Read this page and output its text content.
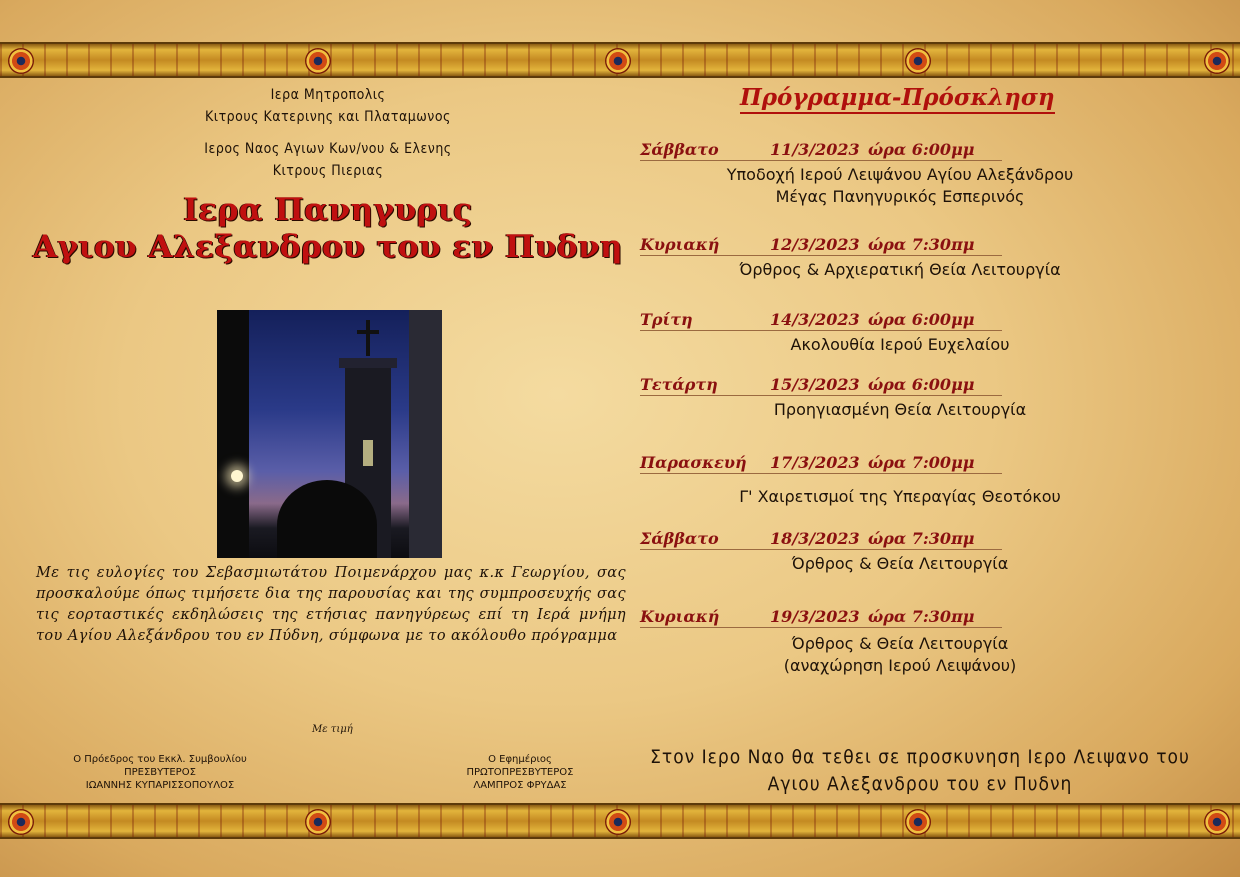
Ιερα Μητροπολις
Κιτρους Κατερινης και Πλαταμωνος
Ιερος Ναος Αγιων Κων/νου & Ελενης
Κιτρους Πιεριας
Ιερα Πανηγυρις
Αγιου Αλεξανδρου του εν Πυδνη
Με τις ευλογίες του Σεβασμιωτάτου Ποιμενάρχου μας κ.κ Γεωργίου, σας προσκαλούμε όπως τιμήσετε δια της παρουσίας και της συμπροσευχής σας τις εορταστικές εκδηλώσεις της ετήσιας πανηγύρεως επί τη Ιερά μνήμη του Αγίου Αλεξάνδρου του εν Πύδνη, σύμφωνα με το ακόλουθο πρόγραμμα
Με τιμή
Ο Πρόεδρος του Εκκλ. Συμβουλίου
ΠΡΕΣΒΥΤΕΡΟΣ
ΙΩΑΝΝΗΣ ΚΥΠΑΡΙΣΣΟΠΟΥΛΟΣ
Ο Εφημέριος
ΠΡΩΤΟΠΡΕΣΒΥΤΕΡΟΣ
ΛΑΜΠΡΟΣ ΦΡΥΔΑΣ
Πρόγραμμα-Πρόσκληση
Σάββατο	11/3/2023 ώρα 6:00μμ
Υποδοχή Ιερού Λειψάνου Αγίου Αλεξάνδρου
Μέγας Πανηγυρικός Εσπερινός
Κυριακή	12/3/2023 ώρα 7:30πμ
Όρθρος & Αρχιερατική Θεία Λειτουργία
Τρίτη	14/3/2023 ώρα 6:00μμ
Ακολουθία Ιερού Ευχελαίου
Τετάρτη	15/3/2023 ώρα 6:00μμ
Προηγιασμένη Θεία Λειτουργία
Παρασκευή	17/3/2023 ώρα 7:00μμ
Γ' Χαιρετισμοί της Υπεραγίας Θεοτόκου
Σάββατο	18/3/2023 ώρα 7:30πμ
Όρθρος & Θεία Λειτουργία
Κυριακή	19/3/2023 ώρα 7:30πμ
Όρθρος & Θεία Λειτουργία
(αναχώρηση Ιερού Λειψάνου)
Στον Ιερο Ναο θα τεθει σε προσκυνηση Ιερο Λειψανο του
Αγιου Αλεξανδρου του εν Πυδνη
